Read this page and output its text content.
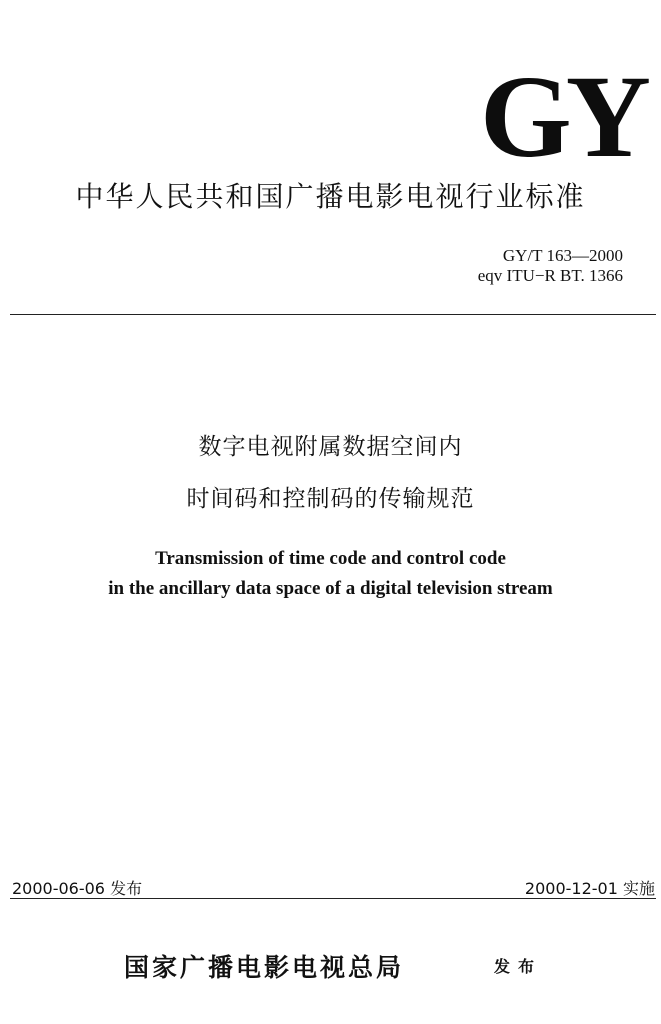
GY
中华人民共和国广播电影电视行业标准
GY/T 163—2000
eqv ITU−R BT. 1366
数字电视附属数据空间内
时间码和控制码的传输规范
Transmission of time code and control code
in the ancillary data space of a digital television stream
2000-06-06 发布	2000-12-01 实施
国家广播电影电视总局	发布
